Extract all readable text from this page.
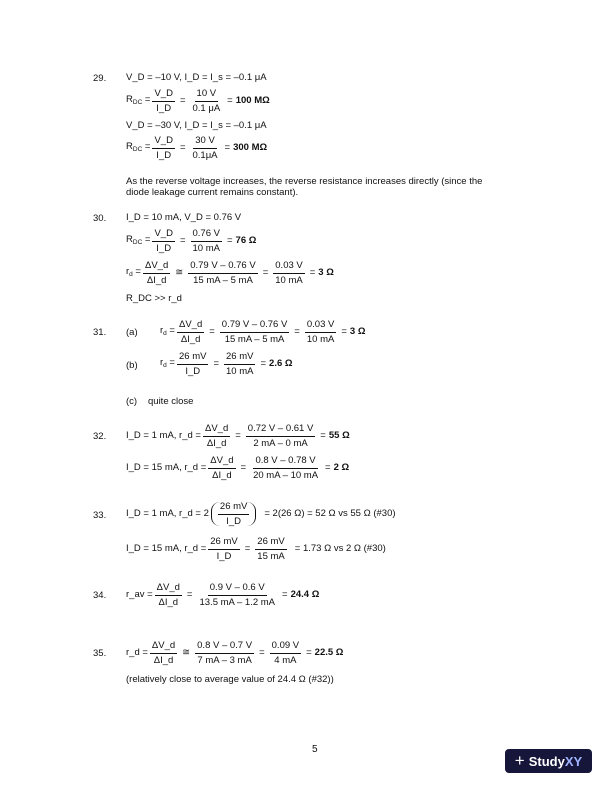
29. V_D = –10 V, I_D = I_s = –0.1 μA
$R_{DC} = \frac{V\_D}{I\_D} = \frac{10 V}{0.1 \mu A} = 100$ MΩ
V_D = –30 V, I_D = I_s = –0.1 μA
$R_{DC} = \frac{V\_D}{I\_D} = \frac{30 V}{0.1\mu A} = 300$ MΩ
As the reverse voltage increases, the reverse resistance increases directly (since the diode leakage current remains constant).
30. I_D = 10 mA, V_D = 0.76 V
$R_{DC} = \frac{V\_D}{I\_D} = \frac{0.76 V}{10 mA} = 76$ Ω
$r_d = \frac{\Delta V\_d}{\Delta I\_d}$ ≅ $\frac{0.79 V - 0.76 V}{15 mA - 5 mA} = \frac{0.03 V}{10 mA} = 3$ Ω
R_DC >> r_d
31. (a) $r_d = \frac{\Delta V\_d}{\Delta I\_d} = \frac{0.79 V - 0.76 V}{15 mA - 5 mA} = \frac{0.03 V}{10 mA} = 3$ Ω
(b) $r_d = \frac{26 mV}{I\_D} = \frac{26 mV}{10 mA} = 2.6$ Ω
(c) quite close
32. I_D = 1 mA, r_d = $\frac{\Delta V\_d}{\Delta I\_d} = \frac{0.72 V - 0.61 V}{2 mA - 0 mA} = 55$ Ω
I_D = 15 mA, r_d = $\frac{\Delta V\_d}{\Delta I\_d} = \frac{0.8 V - 0.78 V}{20 mA - 10 mA} = 2$ Ω
33. I_D = 1 mA, r_d = $2 \frac{26 mV}{I\_D} = 2(26$ Ω) = 52 Ω vs 55 Ω (#30)
I_D = 15 mA, r_d = $\frac{26 mV}{I\_D} = \frac{26 mV}{15 mA} = 1.73$ Ω vs 2 Ω (#30)
34. r_av = $\frac{\Delta V\_d}{\Delta I\_d} = \frac{0.9 V - 0.6 V}{13.5 mA - 1.2 mA} = 24.4$ Ω
35. r_d = $\frac{\Delta V\_d}{\Delta I\_d}$ ≅ $\frac{0.8 V - 0.7 V}{7 mA - 3 mA} = \frac{0.09 V}{4 mA} = 22.5$ Ω
(relatively close to average value of 24.4 Ω (#32))
5
+ Study XY
